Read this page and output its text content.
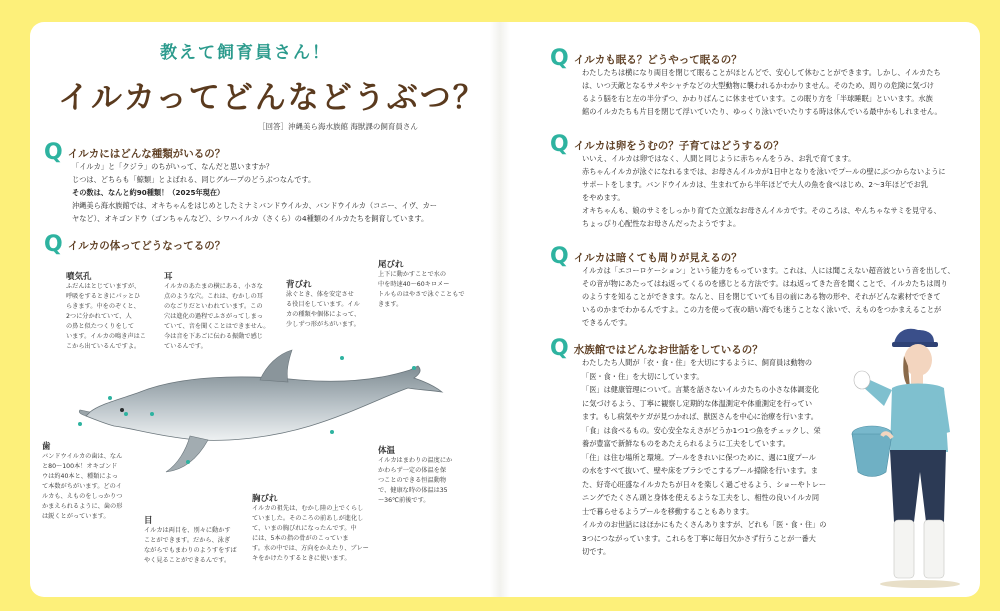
教えて飼育員さん！
イルカってどんなどうぶつ？
［回答］沖縄美ら海水族館 海獣課の飼育員さん
Q イルカにはどんな種類がいるの？

「イルカ」と「クジラ」のちがいって、なんだと思いますか？

じつは、どちらも「鯨類」とよばれる、同じグループのどうぶつなんです。

その数は、なんと約90種類！（2025年現在）

沖縄美ら海水族館では、オキちゃんをはじめとしたミナミバンドウイルカ、バンドウイルカ（コニー、イヴ、カー

ヤなど）、オキゴンドウ（ゴンちゃんなど）、シワハイルカ（さくら）の4種類のイルカたちを飼育しています。

Q イルカの体ってどうなってるの？
噴気孔
ふだんはとじていますが、
呼吸をするときにパッとひ
らきます。中をのぞくと、
2つに分かれていて、人
の鼻と似たつくりをして
います。イルカの鳴き声はこ
こから出ているんですよ。
耳
イルカのあたまの横にある、小さな
点のような穴。これは、むかしの耳
のなごりだといわれています。この
穴は進化の過程でふさがってしまっ
ていて、音を聞くことはできません。
今は音を下あごに伝わる振動で感じ
ているんです。
背びれ
泳ぐとき、体を安定させ
る役目をしています。イル
カの種類や個体によって、
少しずつ形がちがいます。
尾びれ
上下に動かすことで水の
中を時速40〜60キロメー
トルものはやさで泳ぐこともで
きます。
歯
バンドウイルカの歯は、なん
と80〜100本！オキゴンド
ウは約40本と、種類によっ
て本数がちがいます。どのイ
ルカも、えものをしっかりつ
かまえられるように、歯の形
は鋭くとがっています。	目
イルカは両目を、別々に動かす
ことができます。だから、泳ぎ
ながらでもまわりのようすをすば
やく見ることができるんです。
胸びれ
イルカの祖先は、むかし陸の上でくらし
ていました。そのころの前あしが進化し
て、いまの胸びれになったんです。中
には、5本の指の骨がのこっていま
す。水の中では、方向をかえたり、ブレー
キをかけたりするときに使います。
体温
イルカはまわりの温度にか
かわらず一定の体温を保
つことのできる恒温動物
で、健康な時の体温は35
〜36℃前後です。
Q イルカも眠る？どうやって眠るの？

わたしたちは横になり両目を閉じて眠ることがほとんどで、安心して休むことができます。しかし、イルカたち

は、いつ天敵となるサメやシャチなどの大型動物に襲われるかわかりません。そのため、周りの危険に気づけ

るよう脳を右と左の半分ずつ、かわりばんこに休ませています。この眠り方を「半球睡眠」といいます。水族

館のイルカたちも片目を閉じて浮いていたり、ゆっくり泳いでいたりする時は休んでいる最中かもしれません。

Q イルカは卵をうむの？子育てはどうするの？

いいえ、イルカは卵ではなく、人間と同じように赤ちゃんをうみ、お乳で育てます。

赤ちゃんイルカが泳ぐになれるまでは、お母さんイルカが1日中となりを泳いでプールの壁にぶつからないように

サポートをします。バンドウイルカは、生まれてから半年ほどで大人の魚を食べはじめ、2〜3年ほどでお乳

をやめます。

オキちゃんも、娘のサミをしっかり育てた立派なお母さんイルカです。そのころは、やんちゃなサミを見守る、

ちょっぴり心配性なお母さんだったようですよ。

Q イルカは暗くても周りが見えるの？

イルカは「エコーロケーション」という能力をもっています。これは、人には聞こえない超音波という音を出して、

その音が物にあたってはね返ってくるのを感じとる方法です。はね返ってきた音を聞くことで、イルカたちは周り

のようすを知ることができます。なんと、目を閉じていても目の前にある物の形や、それがどんな素材でできて

いるのかまでわかるんですよ。この力を使って夜の暗い海でも迷うことなく泳いで、えものをつかまえることが

できるんです。

Q 水族館ではどんなお世話をしているの？

わたしたち人間が「衣・食・住」を大切にするように、飼育員は動物の

「医・食・住」を大切にしています。

「医」は健康管理について。言葉を話さないイルカたちの小さな体調変化

に気づけるよう、丁寧に観察し定期的な体温測定や体重測定を行ってい

ます。もし病気やケガが見つかれば、獣医さんを中心に治療を行います。

「食」は食べるもの。安心安全なえさがどうか1つ1つ魚をチェックし、栄

養が豊富で新鮮なものをあたえられるように工夫をしています。

「住」は住む場所と環境。プールをきれいに保つために、週に1度プール

の水をすべて抜いて、壁や床をブラシでこするプール掃除を行います。ま

た、好奇心旺盛なイルカたちが日々を楽しく過ごせるよう、ショーやトレー

ニングでたくさん頭と身体を使えるような工夫をし、相性の良いイルカ同

士で暮らせるようプールを移動することもあります。

イルカのお世話にはほかにもたくさんありますが、どれも「医・食・住」の

3つにつながっています。これらを丁寧に毎日欠かさず行うことが一番大

切です。
